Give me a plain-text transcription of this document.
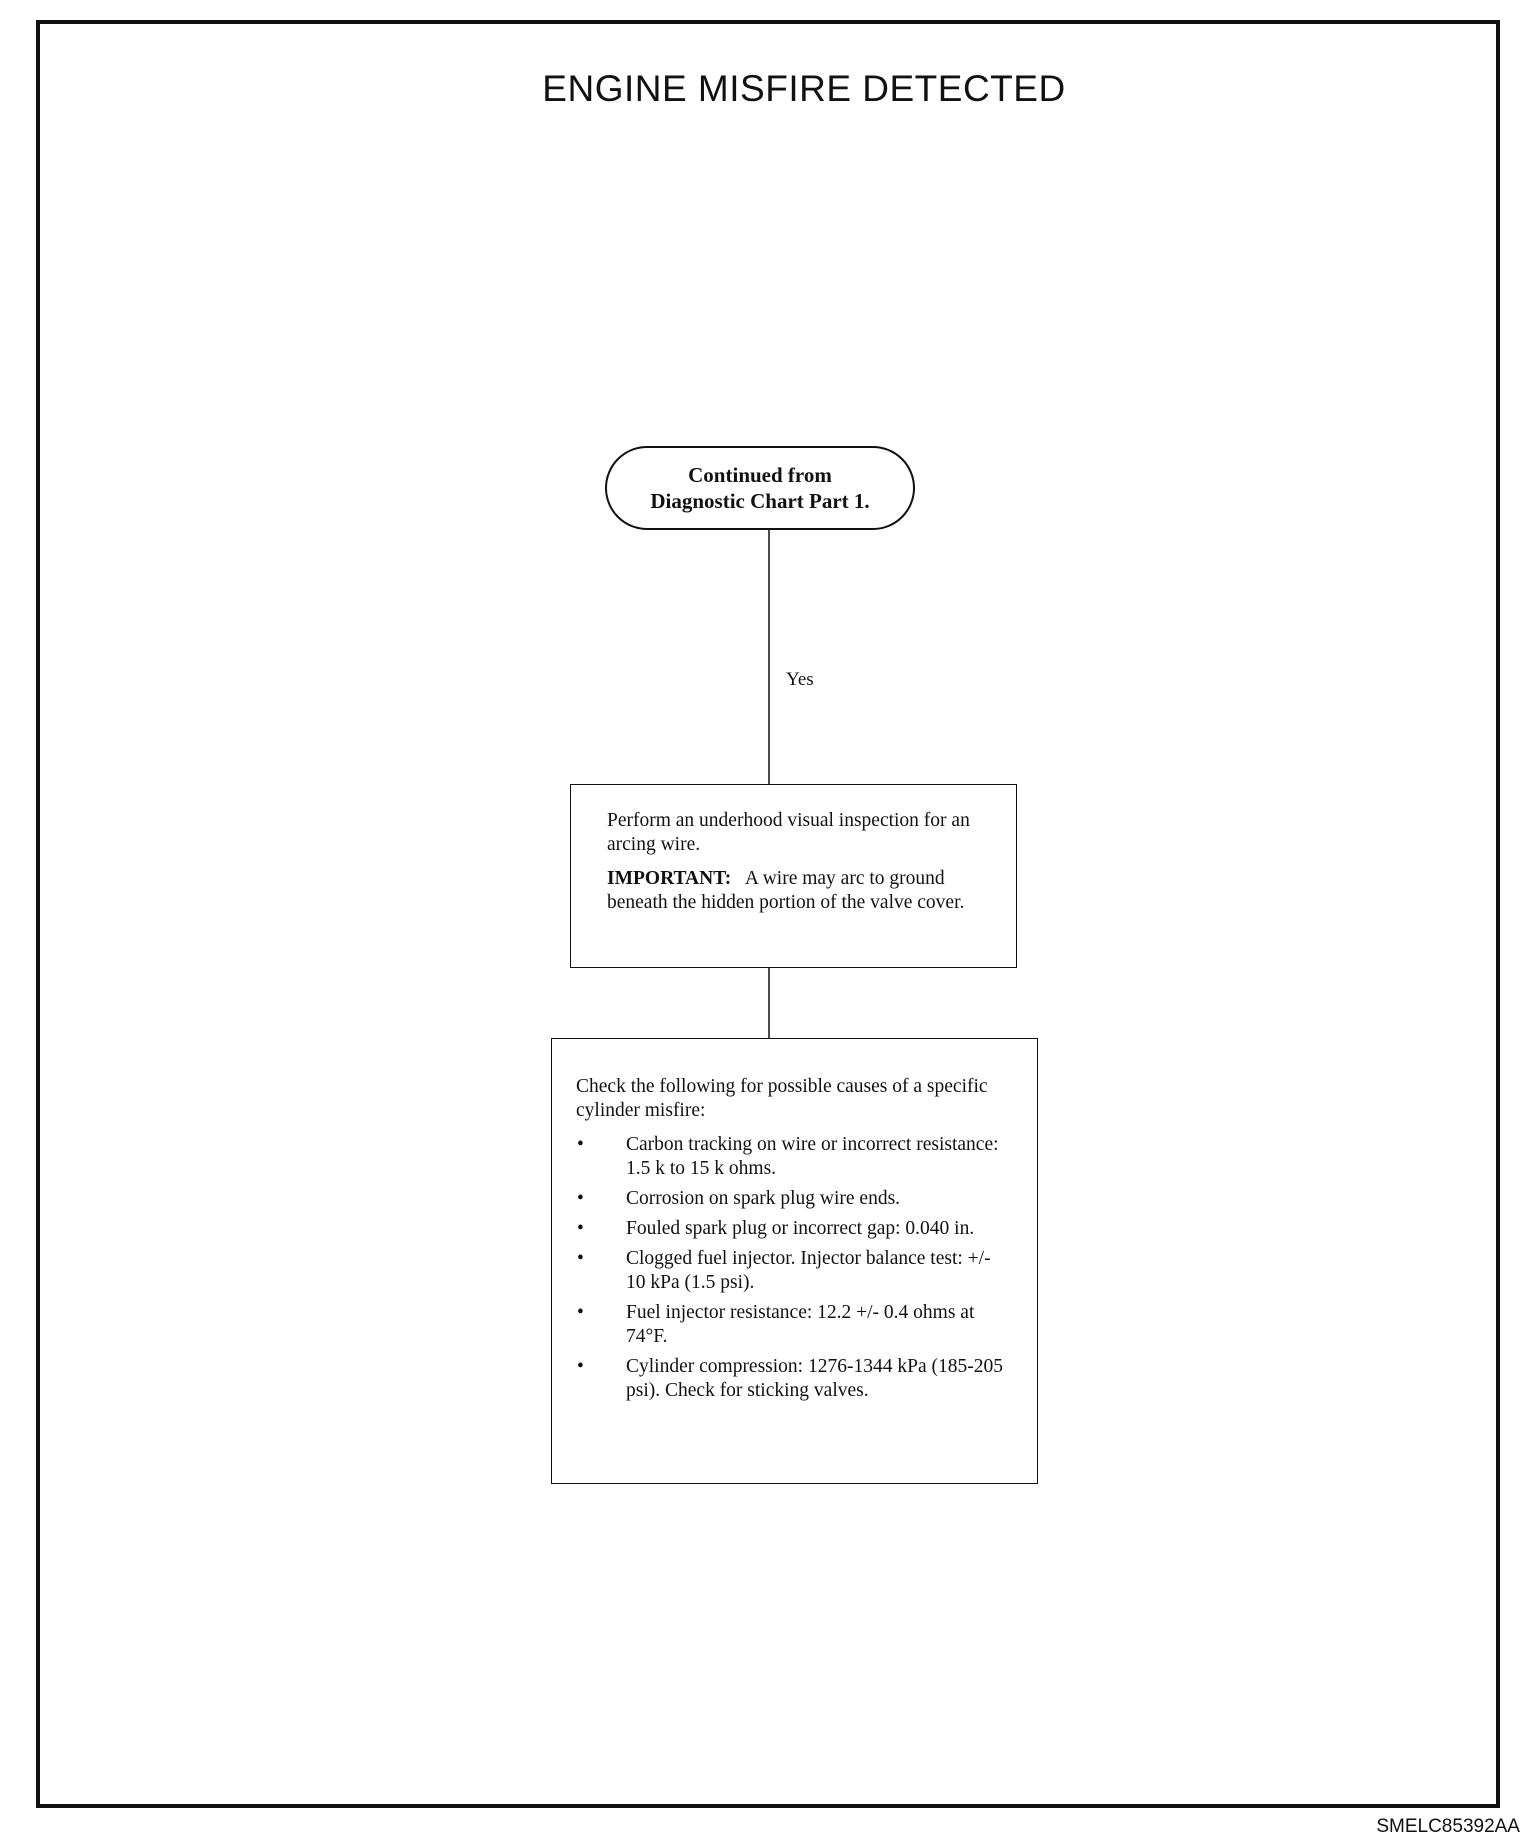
ENGINE MISFIRE DETECTED
Continued from
Diagnostic Chart Part 1.
Yes

Perform an underhood visual inspection for an arcing wire.

IMPORTANT: A wire may arc to ground beneath the hidden portion of the valve cover.

Check the following for possible causes of a specific cylinder misfire:

• Carbon tracking on wire or incorrect resistance: 1.5 k to 15 k ohms.
• Corrosion on spark plug wire ends.
• Fouled spark plug or incorrect gap: 0.040 in.
• Clogged fuel injector. Injector balance test: +/- 10 kPa (1.5 psi).
• Fuel injector resistance: 12.2 +/- 0.4 ohms at 74°F.
• Cylinder compression: 1276-1344 kPa (185-205 psi). Check for sticking valves.
SMELC85392AA
